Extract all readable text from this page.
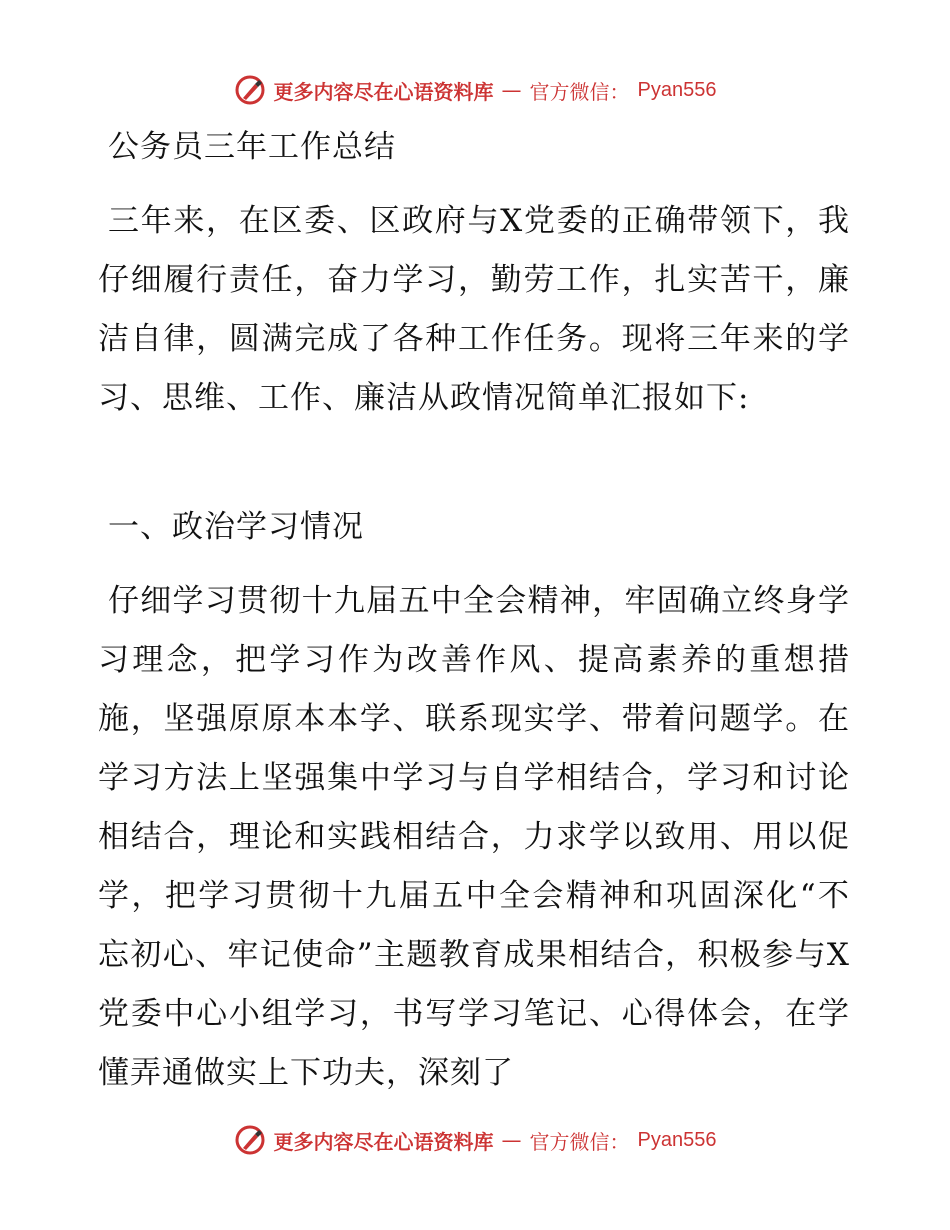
更多内容尽在心语资料库 — 官方微信： Pyan556
公务员三年工作总结

三年来，在区委、区政府与X党委的正确带领下，我仔细履行责任，奋力学习，勤劳工作，扎实苦干，廉洁自律，圆满完成了各种工作任务。现将三年来的学习、思维、工作、廉洁从政情况简单汇报如下:

一、政治学习情况

仔细学习贯彻十九届五中全会精神，牢固确立终身学习理念，把学习作为改善作风、提高素养的重想措施，坚强原原本本学、联系现实学、带着问题学。在学习方法上坚强集中学习与自学相结合，学习和讨论相结合，理论和实践相结合，力求学以致用、用以促学，把学习贯彻十九届五中全会精神和巩固深化“不忘初心、牢记使命”主题教育成果相结合，积极参与X党委中心小组学习，书写学习笔记、心得体会，在学懂弄通做实上下功夫，深刻了

更多内容尽在心语资料库 — 官方微信： Pyan556
